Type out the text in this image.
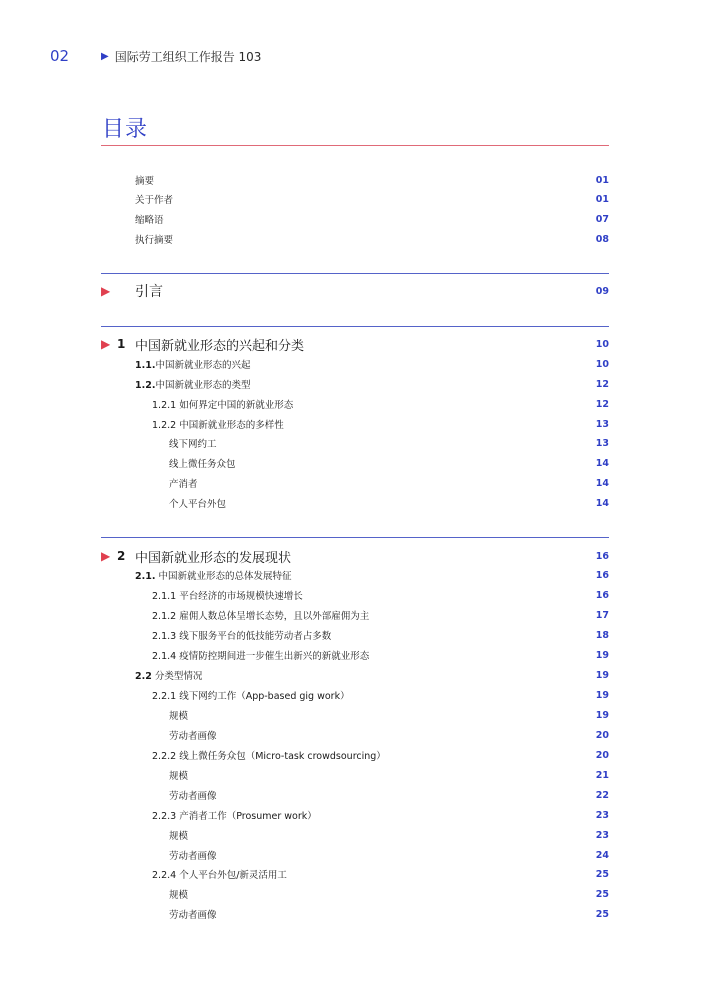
02	▶ 国际劳工组织工作报告 103
目录
摘要	01
关于作者	01
缩略语	07
执行摘要	08
▶	引言	09
▶ 1 中国新就业形态的兴起和分类	10
1.1.中国新就业形态的兴起	10
1.2.中国新就业形态的类型	12
1.2.1 如何界定中国的新就业形态	12
1.2.2 中国新就业形态的多样性	13
线下网约工	13
线上微任务众包	14
产消者	14
个人平台外包	14
▶ 2 中国新就业形态的发展现状	16
2.1. 中国新就业形态的总体发展特征	16
2.1.1 平台经济的市场规模快速增长	16
2.1.2 雇佣人数总体呈增长态势，且以外部雇佣为主	17
2.1.3 线下服务平台的低技能劳动者占多数	18
2.1.4 疫情防控期间进一步催生出新兴的新就业形态	19
2.2 分类型情况	19
2.2.1 线下网约工作（App-based gig work）	19
规模	19
劳动者画像	20
2.2.2 线上微任务众包（Micro-task crowdsourcing）	20
规模	21
劳动者画像	22
2.2.3 产消者工作（Prosumer work）	23
规模	23
劳动者画像	24
2.2.4 个人平台外包/新灵活用工	25
规模	25
劳动者画像	25
